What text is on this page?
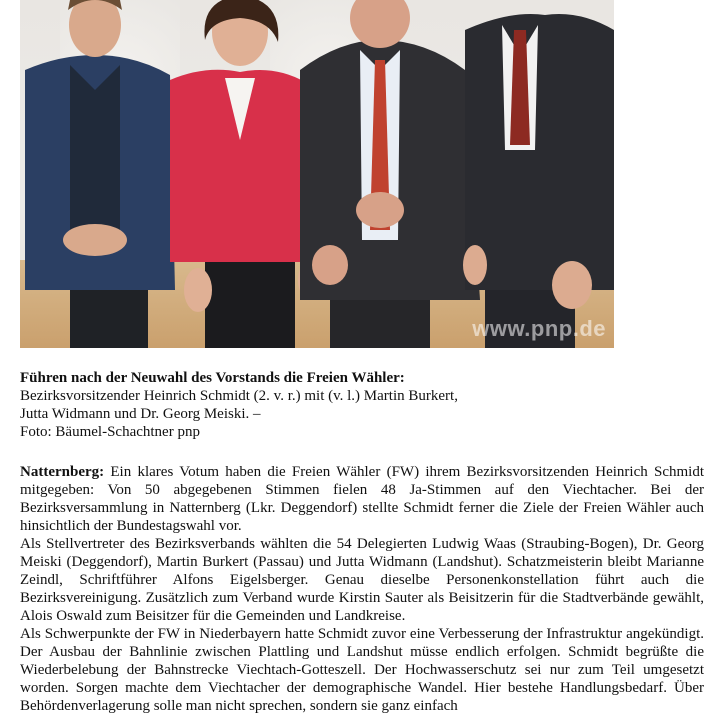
www.pnp.de
Führen nach der Neuwahl des Vorstands die Freien Wähler:
Bezirksvorsitzender Heinrich Schmidt (2. v. r.) mit (v. l.) Martin Burkert,
Jutta Widmann und Dr. Georg Meiski. –
Foto: Bäumel-Schachtner pnp

Natternberg: Ein klares Votum haben die Freien Wähler (FW) ihrem Bezirksvorsitzenden Heinrich Schmidt mitgegeben: Von 50 abgegebenen Stimmen fielen 48 Ja-Stimmen auf den Viechtacher. Bei der Bezirksversammlung in Natternberg (Lkr. Deggendorf) stellte Schmidt ferner die Ziele der Freien Wähler auch hinsichtlich der Bundestagswahl vor.

Als Stellvertreter des Bezirksverbands wählten die 54 Delegierten Ludwig Waas (Straubing-Bogen), Dr. Georg Meiski (Deggendorf), Martin Burkert (Passau) und Jutta Widmann (Landshut). Schatzmeisterin bleibt Marianne Zeindl, Schriftführer Alfons Eigelsberger. Genau dieselbe Personenkonstellation führt auch die Bezirksvereinigung. Zusätzlich zum Verband wurde Kirstin Sauter als Beisitzerin für die Stadtverbände gewählt, Alois Oswald zum Beisitzer für die Gemeinden und Landkreise.

Als Schwerpunkte der FW in Niederbayern hatte Schmidt zuvor eine Verbesserung der Infrastruktur angekündigt. Der Ausbau der Bahnlinie zwischen Plattling und Landshut müsse endlich erfolgen. Schmidt begrüßte die Wiederbelebung der Bahnstrecke Viechtach-Gotteszell. Der Hochwasserschutz sei nur zum Teil umgesetzt worden. Sorgen machte dem Viechtacher der demographische Wandel. Hier bestehe Handlungsbedarf. Über Behördenverlagerung solle man nicht sprechen, sondern sie ganz einfach
